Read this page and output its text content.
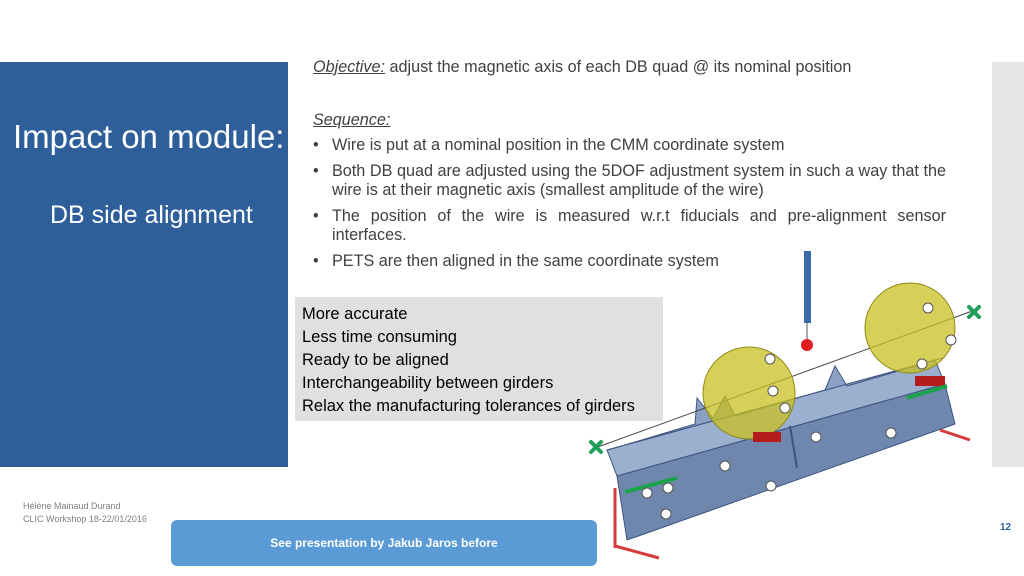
Impact on module:
DB side alignment

Objective: adjust the magnetic axis of each DB quad @ its nominal position

Sequence:

• Wire is put at a nominal position in the CMM coordinate system
• Both DB quad are adjusted using the 5DOF adjustment system in such a way that the wire is at their magnetic axis (smallest amplitude of the wire)
• The position of the wire is measured w.r.t fiducials and pre-alignment sensor interfaces.
• PETS are then aligned in the same coordinate system
More accurate
Less time consuming
Ready to be aligned
Interchangeability between girders
Relax the manufacturing tolerances of girders
Hélène Mainaud Durand
CLIC Workshop 18-22/01/2016
See presentation by Jakub Jaros before
12
